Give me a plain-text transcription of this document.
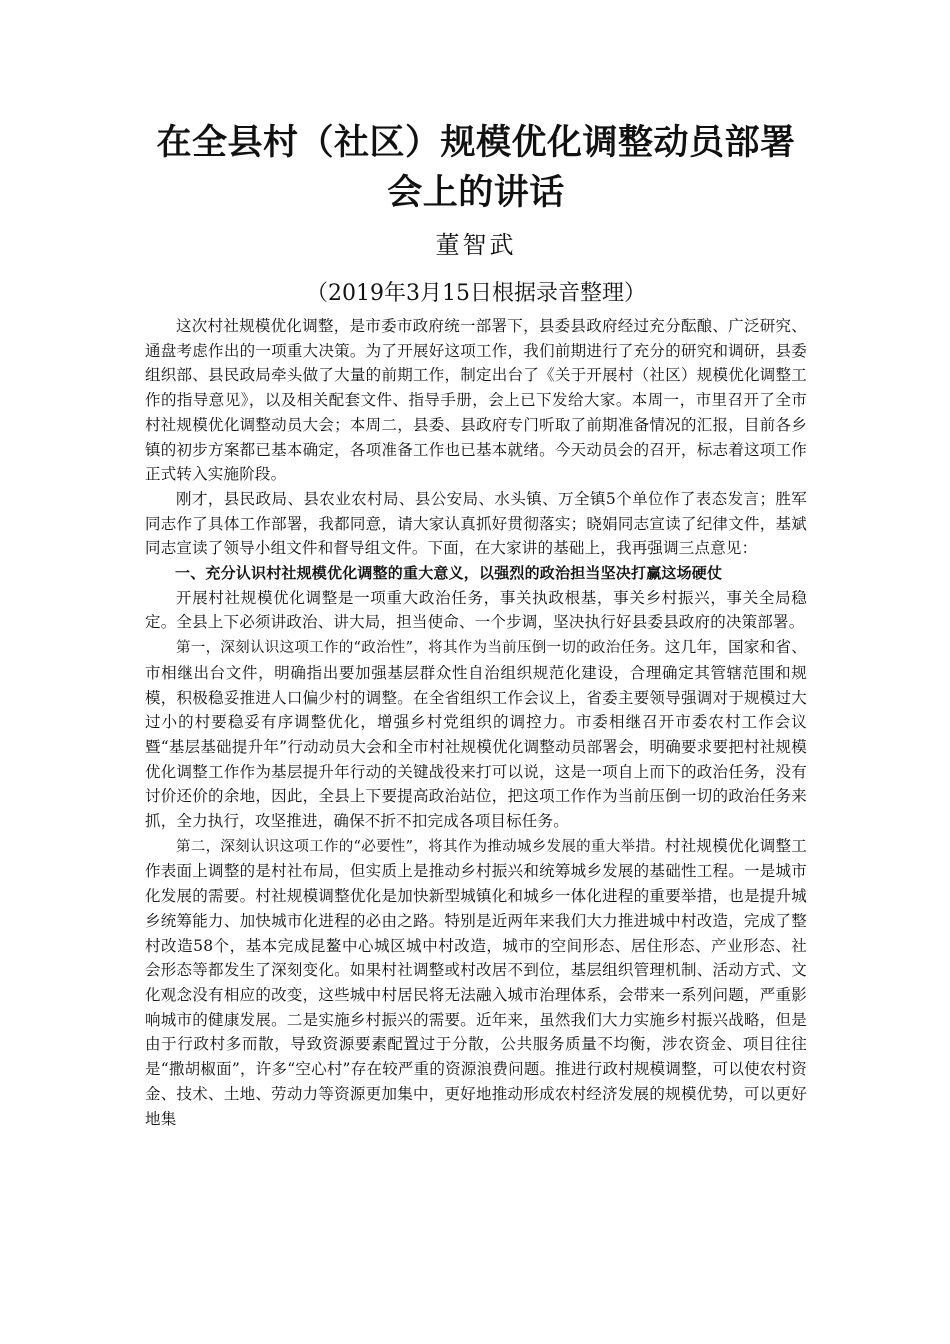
在全县村（社区）规模优化调整动员部署
会上的讲话
董智武
（2019年3月15日根据录音整理）

这次村社规模优化调整，是市委市政府统一部署下，县委县政府经过充分酝酿、广泛研究、通盘考虑作出的一项重大决策。为了开展好这项工作，我们前期进行了充分的研究和调研，县委组织部、县民政局牵头做了大量的前期工作，制定出台了《关于开展村（社区）规模优化调整工作的指导意见》，以及相关配套文件、指导手册，会上已下发给大家。本周一，市里召开了全市村社规模优化调整动员大会；本周二，县委、县政府专门听取了前期准备情况的汇报，目前各乡镇的初步方案都已基本确定，各项准备工作也已基本就绪。今天动员会的召开，标志着这项工作正式转入实施阶段。

刚才，县民政局、县农业农村局、县公安局、水头镇、万全镇5个单位作了表态发言；胜军同志作了具体工作部署，我都同意，请大家认真抓好贯彻落实；晓娟同志宣读了纪律文件，基斌同志宣读了领导小组文件和督导组文件。下面，在大家讲的基础上，我再强调三点意见：

一、充分认识村社规模优化调整的重大意义，以强烈的政治担当坚决打赢这场硬仗

开展村社规模优化调整是一项重大政治任务，事关执政根基，事关乡村振兴，事关全局稳定。全县上下必须讲政治、讲大局，担当使命、一个步调，坚决执行好县委县政府的决策部署。

第一，深刻认识这项工作的“政治性”，将其作为当前压倒一切的政治任务。这几年，国家和省、市相继出台文件，明确指出要加强基层群众性自治组织规范化建设，合理确定其管辖范围和规模，积极稳妥推进人口偏少村的调整。在全省组织工作会议上，省委主要领导强调对于规模过大过小的村要稳妥有序调整优化，增强乡村党组织的调控力。市委相继召开市委农村工作会议暨“基层基础提升年”行动动员大会和全市村社规模优化调整动员部署会，明确要求要把村社规模优化调整工作作为基层提升年行动的关键战役来打可以说，这是一项自上而下的政治任务，没有讨价还价的余地，因此，全县上下要提高政治站位，把这项工作作为当前压倒一切的政治任务来抓，全力执行，攻坚推进，确保不折不扣完成各项目标任务。

第二，深刻认识这项工作的“必要性”，将其作为推动城乡发展的重大举措。村社规模优化调整工作表面上调整的是村社布局，但实质上是推动乡村振兴和统筹城乡发展的基础性工程。一是城市化发展的需要。村社规模调整优化是加快新型城镇化和城乡一体化进程的重要举措，也是提升城乡统筹能力、加快城市化进程的必由之路。特别是近两年来我们大力推进城中村改造，完成了整村改造58个，基本完成昆鳌中心城区城中村改造，城市的空间形态、居住形态、产业形态、社会形态等都发生了深刻变化。如果村社调整或村改居不到位，基层组织管理机制、活动方式、文化观念没有相应的改变，这些城中村居民将无法融入城市治理体系，会带来一系列问题，严重影响城市的健康发展。二是实施乡村振兴的需要。近年来，虽然我们大力实施乡村振兴战略，但是由于行政村多而散，导致资源要素配置过于分散，公共服务质量不均衡，涉农资金、项目往往是“撒胡椒面”，许多“空心村”存在较严重的资源浪费问题。推进行政村规模调整，可以使农村资金、技术、土地、劳动力等资源更加集中，更好地推动形成农村经济发展的规模优势，可以更好地集
